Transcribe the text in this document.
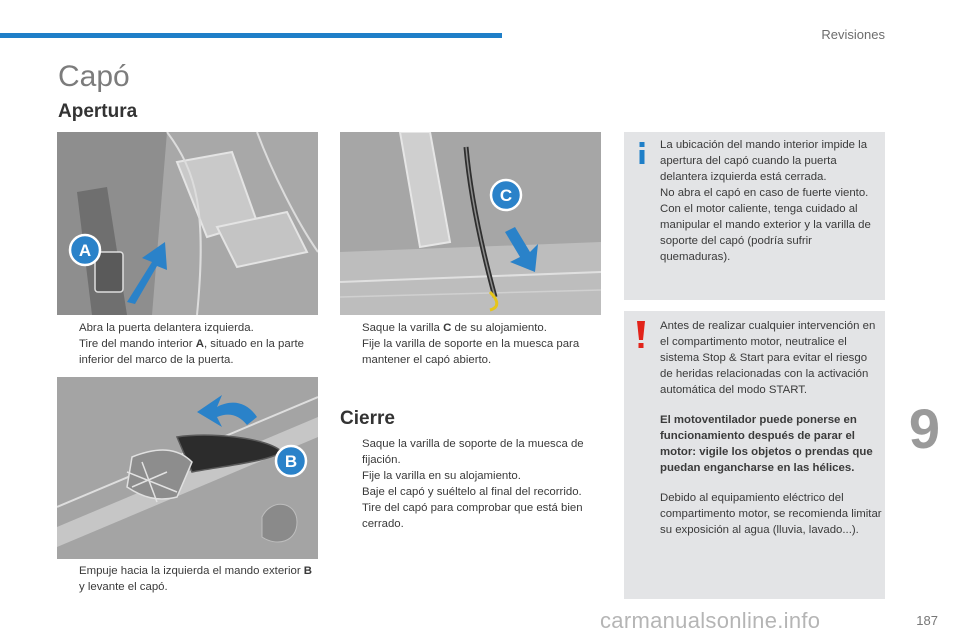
Revisiones
Capó
Apertura
A
C

La ubicación del mando interior impide la apertura del capó cuando la puerta delantera izquierda está cerrada.

No abra el capó en caso de fuerte viento.

Con el motor caliente, tenga cuidado al manipular el mando exterior y la varilla de soporte del capó (podría sufrir quemaduras).

Abra la puerta delantera izquierda.
Tire del mando interior A, situado en la parte inferior del marco de la puerta.
Saque la varilla C de su alojamiento.
Fije la varilla de soporte en la muesca para mantener el capó abierto.

Antes de realizar cualquier intervención en el compartimento motor, neutralice el sistema Stop & Start para evitar el riesgo de heridas relacionadas con la activación automática del modo START.

El motoventilador puede ponerse en funcionamiento después de parar el motor: vigile los objetos o prendas que puedan engancharse en las hélices.

Debido al equipamiento eléctrico del compartimento motor, se recomienda limitar su exposición al agua (lluvia, lavado...).

B
Cierre
Saque la varilla de soporte de la muesca de fijación.
Fije la varilla en su alojamiento.
Baje el capó y suéltelo al final del recorrido.
Tire del capó para comprobar que está bien cerrado.
Empuje hacia la izquierda el mando exterior B y levante el capó.
9
carmanualsonline.info	187
